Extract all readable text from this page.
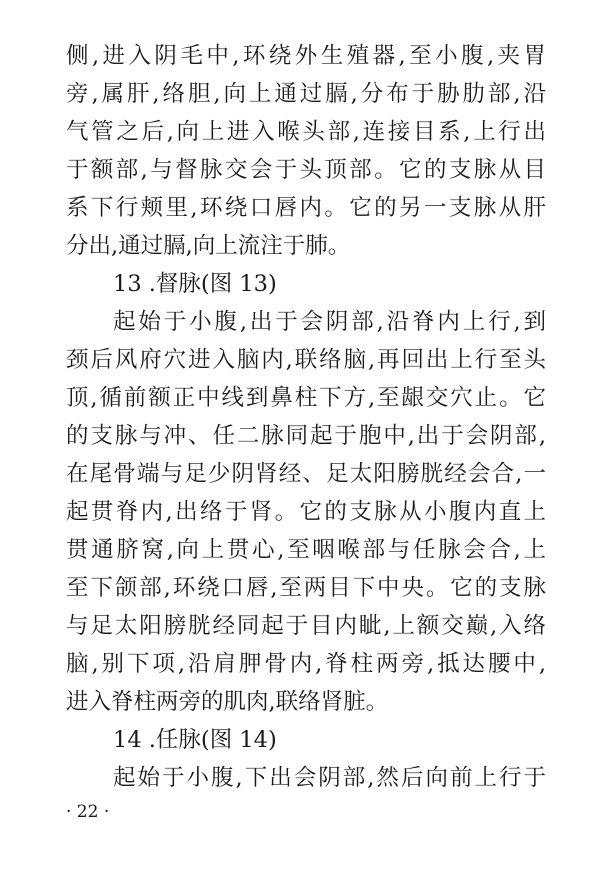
侧,进入阴毛中,环绕外生殖器,至小腹,夹胃
旁,属肝,络胆,向上通过膈,分布于胁肋部,沿
气管之后,向上进入喉头部,连接目系,上行出
于额部,与督脉交会于头顶部。它的支脉从目
系下行颊里,环绕口唇内。它的另一支脉从肝
分出,通过膈,向上流注于肺。
13 .督脉(图 13)
起始于小腹,出于会阴部,沿脊内上行,到
颈后风府穴进入脑内,联络脑,再回出上行至头
顶,循前额正中线到鼻柱下方,至龈交穴止。它
的支脉与冲、任二脉同起于胞中,出于会阴部,
在尾骨端与足少阴肾经、足太阳膀胱经会合,一
起贯脊内,出络于肾。它的支脉从小腹内直上
贯通脐窝,向上贯心,至咽喉部与任脉会合,上
至下颌部,环绕口唇,至两目下中央。它的支脉
与足太阳膀胱经同起于目内眦,上额交巅,入络
脑,别下项,沿肩胛骨内,脊柱两旁,抵达腰中,
进入脊柱两旁的肌肉,联络肾脏。
14 .任脉(图 14)
起始于小腹,下出会阴部,然后向前上行于
· 22 ·
